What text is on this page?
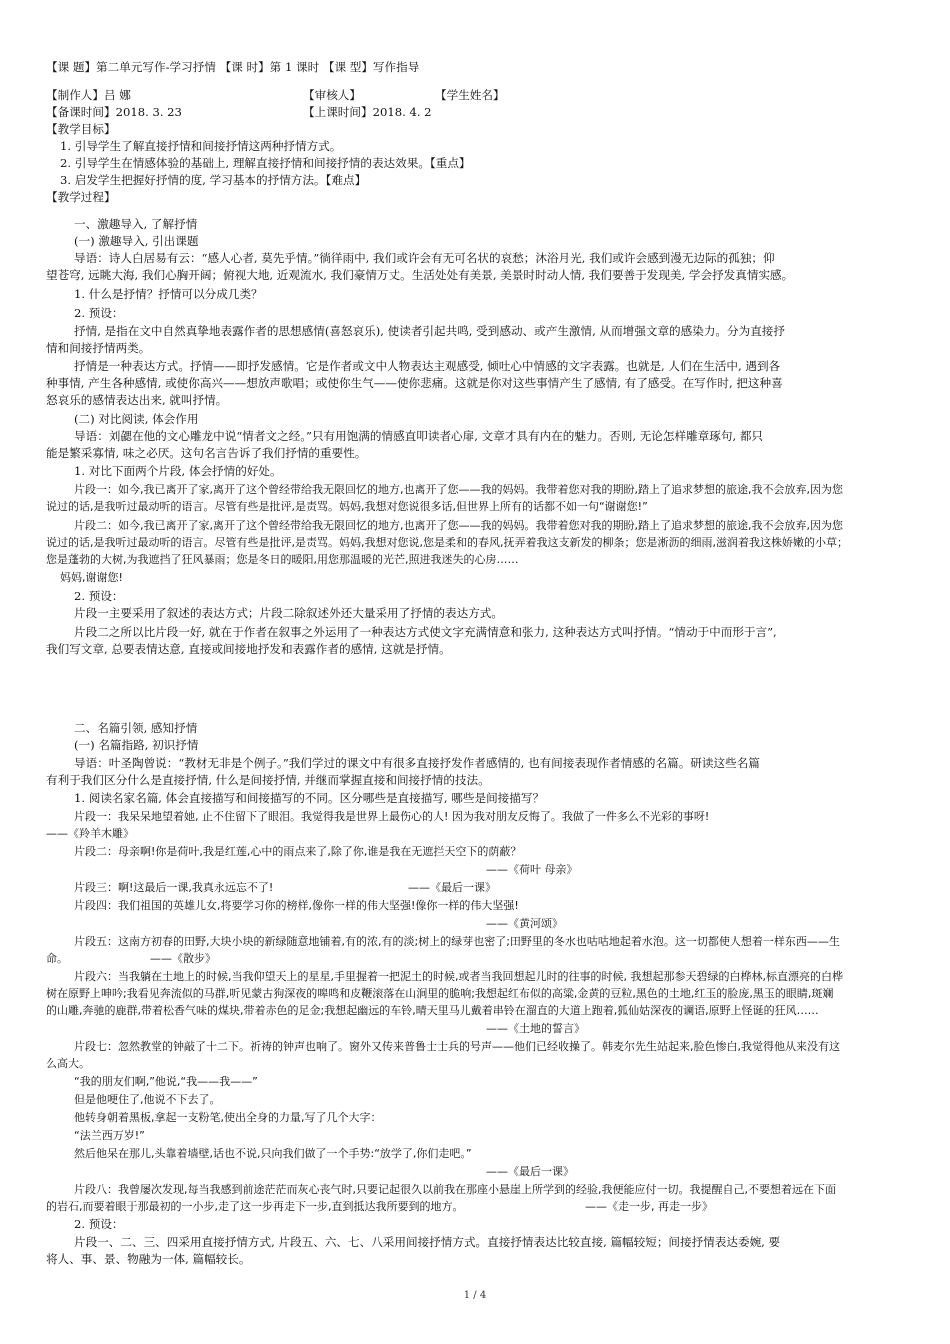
【课 题】第二单元写作-学习抒情 【课 时】第 1 课时 【课 型】写作指导
【制作人】吕 娜	【审核人】	【学生姓名】
【备课时间】2018. 3. 23	【上课时间】2018. 4. 2
【教学目标】
1. 引导学生了解直接抒情和间接抒情这两种抒情方式。
2. 引导学生在情感体验的基础上, 理解直接抒情和间接抒情的表达效果。【重点】
3. 启发学生把握好抒情的度, 学习基本的抒情方法。【难点】
【教学过程】
一、激趣导入, 了解抒情
(一) 激趣导入, 引出课题
导语：诗人白居易有云：“感人心者, 莫先乎情。”徜徉雨中, 我们或许会有无可名状的哀愁；沐浴月光, 我们或许会感到漫无边际的孤独；仰
望苍穹, 远眺大海, 我们心胸开阔；俯视大地, 近观流水, 我们豪情万丈。生活处处有美景, 美景时时动人情, 我们要善于发现美, 学会抒发真情实感。
1. 什么是抒情？抒情可以分成几类？
2. 预设：
抒情, 是指在文中自然真挚地表露作者的思想感情(喜怒哀乐), 使读者引起共鸣, 受到感动、或产生激情, 从而增强文章的感染力。分为直接抒
情和间接抒情两类。
抒情是一种表达方式。抒情——即抒发感情。它是作者或文中人物表达主观感受, 倾吐心中情感的文字表露。也就是, 人们在生活中, 遇到各
种事情, 产生各种感情, 或使你高兴——想放声歌唱；或使你生气——使你悲痛。这就是你对这些事情产生了感情, 有了感受。在写作时, 把这种喜
怒哀乐的感情表达出来, 就叫抒情。
(二) 对比阅读, 体会作用
导语：刘勰在他的文心雕龙中说“情者文之经。”只有用饱满的情感直叩读者心扉, 文章才具有内在的魅力。否则, 无论怎样雕章琢句, 都只
能是繁采寡情, 味之必厌。这句名言告诉了我们抒情的重要性。
1. 对比下面两个片段, 体会抒情的好处。
片段一：如今,我已离开了家,离开了这个曾经带给我无限回忆的地方,也离开了您——我的妈妈。我带着您对我的期盼,踏上了追求梦想的旅途,我不会放弃,因为您
说过的话,是我听过最动听的语言。尽管有些是批评,是责骂。妈妈,我想对您说很多话,但世界上所有的话都不如一句“谢谢您!”
片段二：如今,我已离开了家,离开了这个曾经带给我无限回忆的地方,也离开了您——我的妈妈。我带着您对我的期盼,踏上了追求梦想的旅途,我不会放弃,因为您
说过的话,是我听过最动听的语言。尽管有些是批评,是责骂。妈妈,我想对您说,您是柔和的春风,抚弄着我这支新发的柳条；您是淅沥的细雨,滋润着我这株娇嫩的小草；
您是蓬勃的大树,为我遮挡了狂风暴雨；您是冬日的暖阳,用您那温暖的光芒,照进我迷失的心房……
妈妈,谢谢您!
2. 预设：
片段一主要采用了叙述的表达方式；片段二除叙述外还大量采用了抒情的表达方式。
片段二之所以比片段一好, 就在于作者在叙事之外运用了一种表达方式使文字充满情意和张力, 这种表达方式叫抒情。“情动于中而形于言”,
我们写文章, 总要表情达意, 直接或间接地抒发和表露作者的感情, 这就是抒情。
二、名篇引领, 感知抒情
(一) 名篇指路, 初识抒情
导语：叶圣陶曾说：“教材无非是个例子。”我们学过的课文中有很多直接抒发作者感情的, 也有间接表现作者情感的名篇。研读这些名篇
有利于我们区分什么是直接抒情, 什么是间接抒情, 并继而掌握直接和间接抒情的技法。
1. 阅读名家名篇, 体会直接描写和间接描写的不同。区分哪些是直接描写, 哪些是间接描写？
片段一：我呆呆地望着她, 止不住留下了眼泪。我觉得我是世界上最伤心的人! 因为我对朋友反悔了。我做了一件多么不光彩的事呀!
——《羚羊木雕》
片段二：母亲啊!你是荷叶,我是红莲,心中的雨点来了,除了你,谁是我在无遮拦天空下的荫蔽？
——《荷叶 母亲》
片段三：啊!这最后一课,我真永远忘不了!	——《最后一课》
片段四：我们祖国的英雄儿女,将要学习你的榜样,像你一样的伟大坚强!像你一样的伟大坚强!
——《黄河颂》
片段五：这南方初春的田野,大块小块的新绿随意地铺着,有的浓,有的淡;树上的绿芽也密了;田野里的冬水也咕咕地起着水泡。这一切都使人想着一样东西——生
命。	——《散步》
片段六：当我躺在土地上的时候,当我仰望天上的星星,手里握着一把泥土的时候,或者当我回想起儿时的往事的时候, 我想起那参天碧绿的白桦林,标直漂亮的白桦
树在原野上呻吟;我看见奔流似的马群,听见蒙古狗深夜的嗥鸣和皮鞭滚落在山涧里的脆响;我想起红布似的高粱,金黄的豆粒,黑色的土地,红玉的脸庞,黑玉的眼睛,斑斓
的山雕,奔驰的鹿群,带着松香气味的煤块,带着赤色的足金;我想起幽远的车铃,晴天里马儿戴着串铃在溜直的大道上跑着,狐仙姑深夜的谰语,原野上怪诞的狂风……
——《土地的誓言》
片段七：忽然教堂的钟敲了十二下。祈祷的钟声也响了。窗外又传来普鲁士士兵的号声——他们已经收操了。韩麦尔先生站起来,脸色惨白,我觉得他从来没有这
么高大。
“我的朋友们啊,”他说,“我——我——”
但是他哽住了,他说不下去了。
他转身朝着黑板,拿起一支粉笔,使出全身的力量,写了几个大字：
“法兰西万岁!”
然后他呆在那儿,头靠着墙壁,话也不说,只向我们做了一个手势:“放学了,你们走吧。”
——《最后一课》
片段八：我曾屡次发现,每当我感到前途茫茫而灰心丧气时,只要记起很久以前我在那座小悬崖上所学到的经验,我便能应付一切。我提醒自己,不要想着远在下面
的岩石,而要着眼于那最初的一小步,走了这一步再走下一步,直到抵达我所要到的地方。	——《走一步, 再走一步》
2. 预设：
片段一、二、三、四采用直接抒情方式, 片段五、六、七、八采用间接抒情方式。直接抒情表达比较直接, 篇幅较短；间接抒情表达委婉, 要
将人、事、景、物融为一体, 篇幅较长。
1 / 4
